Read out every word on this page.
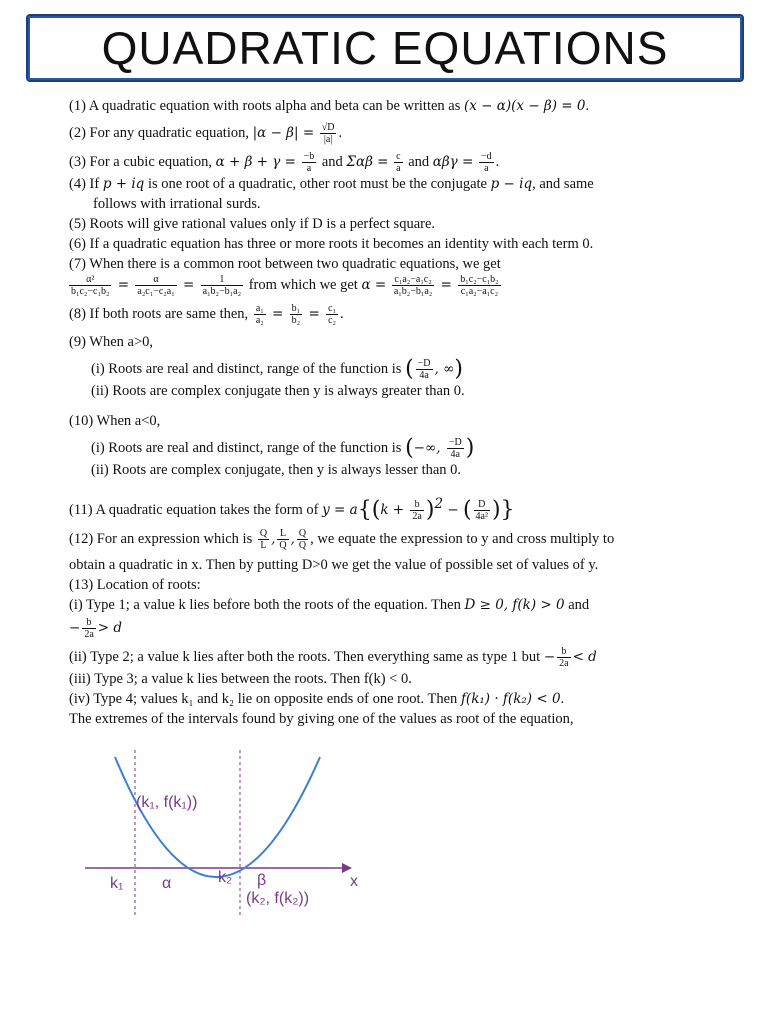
QUADRATIC EQUATIONS
(1) A quadratic equation with roots alpha and beta can be written as (x − α)(x − β) = 0.
(2) For any quadratic equation, $|\alpha - \beta| = \frac{√D}{|a|}$ .
(3) For a cubic equation, $\alpha + \beta + \gamma = \frac{-b}{a}$ and $\Sigma\alpha\beta = \frac{c}{a}$ and $\alpha\beta\gamma = \frac{-d}{a}$ .
(4) If p + iq is one root of a quadratic, other root must be the conjugate p − iq, and same
follows with irrational surds.
(5) Roots will give rational values only if D is a perfect square.
(6) If a quadratic equation has three or more roots it becomes an identity with each term 0.
(7) When there is a common root between two quadratic equations, we get
$\frac{\text{α²}}{\text{b₁c₂−c₁b₂}} = \frac{\alpha}{\text{a₂c₁−c₂a₁}} = \frac{1}{\text{a₁b₂−b₁a₂}}$ from which we get $\alpha = \frac{\text{c₁a₂−a₁c₂}}{\text{a₁b₂−b₁a₂}} = \frac{\text{b₁c₂−c₁b₂}}{\text{c₁a₂−a₁c₂}}$
(8) If both roots are same then, $\frac{\text{a₁}}{\text{a₂}} = \frac{\text{b₁}}{\text{b₂}} = \frac{\text{c₁}}{\text{c₂}}$ .
(9) When a>0,
(i) Roots are real and distinct, range of the function is ( $\frac{-D}{4a}$ , ∞)
(ii) Roots are complex conjugate then y is always greater than 0.
(10) When a<0,
(i) Roots are real and distinct, range of the function is (−∞, $\frac{-D}{4a}$ )
(ii) Roots are complex conjugate, then y is always lesser than 0.
(11) A quadratic equation takes the form of $y = a\{(k + \frac{b}{2a} )^2$ − ( $\frac{D}{\text{4a²}}$ )}
(12) For an expression which is $\frac{Q}{L}$ , $\frac{L}{Q}$ , $\frac{Q}{Q}$ , we equate the expression to y and cross multiply to
obtain a quadratic in x. Then by putting D>0 we get the value of possible set of values of y.
(13) Location of roots:
(i) Type 1; a value k lies before both the roots of the equation. Then D ≥ 0, f(k) > 0 and
− $\frac{b}{2a} > d$
(ii) Type 2; a value k lies after both the roots. Then everything same as type 1 but − $\frac{b}{2a} < d$
(iii) Type 3; a value k lies between the roots. Then f(k) < 0.
(iv) Type 4; values k₁ and k₂ lie on opposite ends of one root. Then f(k₁) · f(k₂) < 0.
The extremes of the intervals found by giving one of the values as root of the equation,
(k₁, f(k₁))
(k₂, f(k₂))
k₁	k₂
α	β	x
